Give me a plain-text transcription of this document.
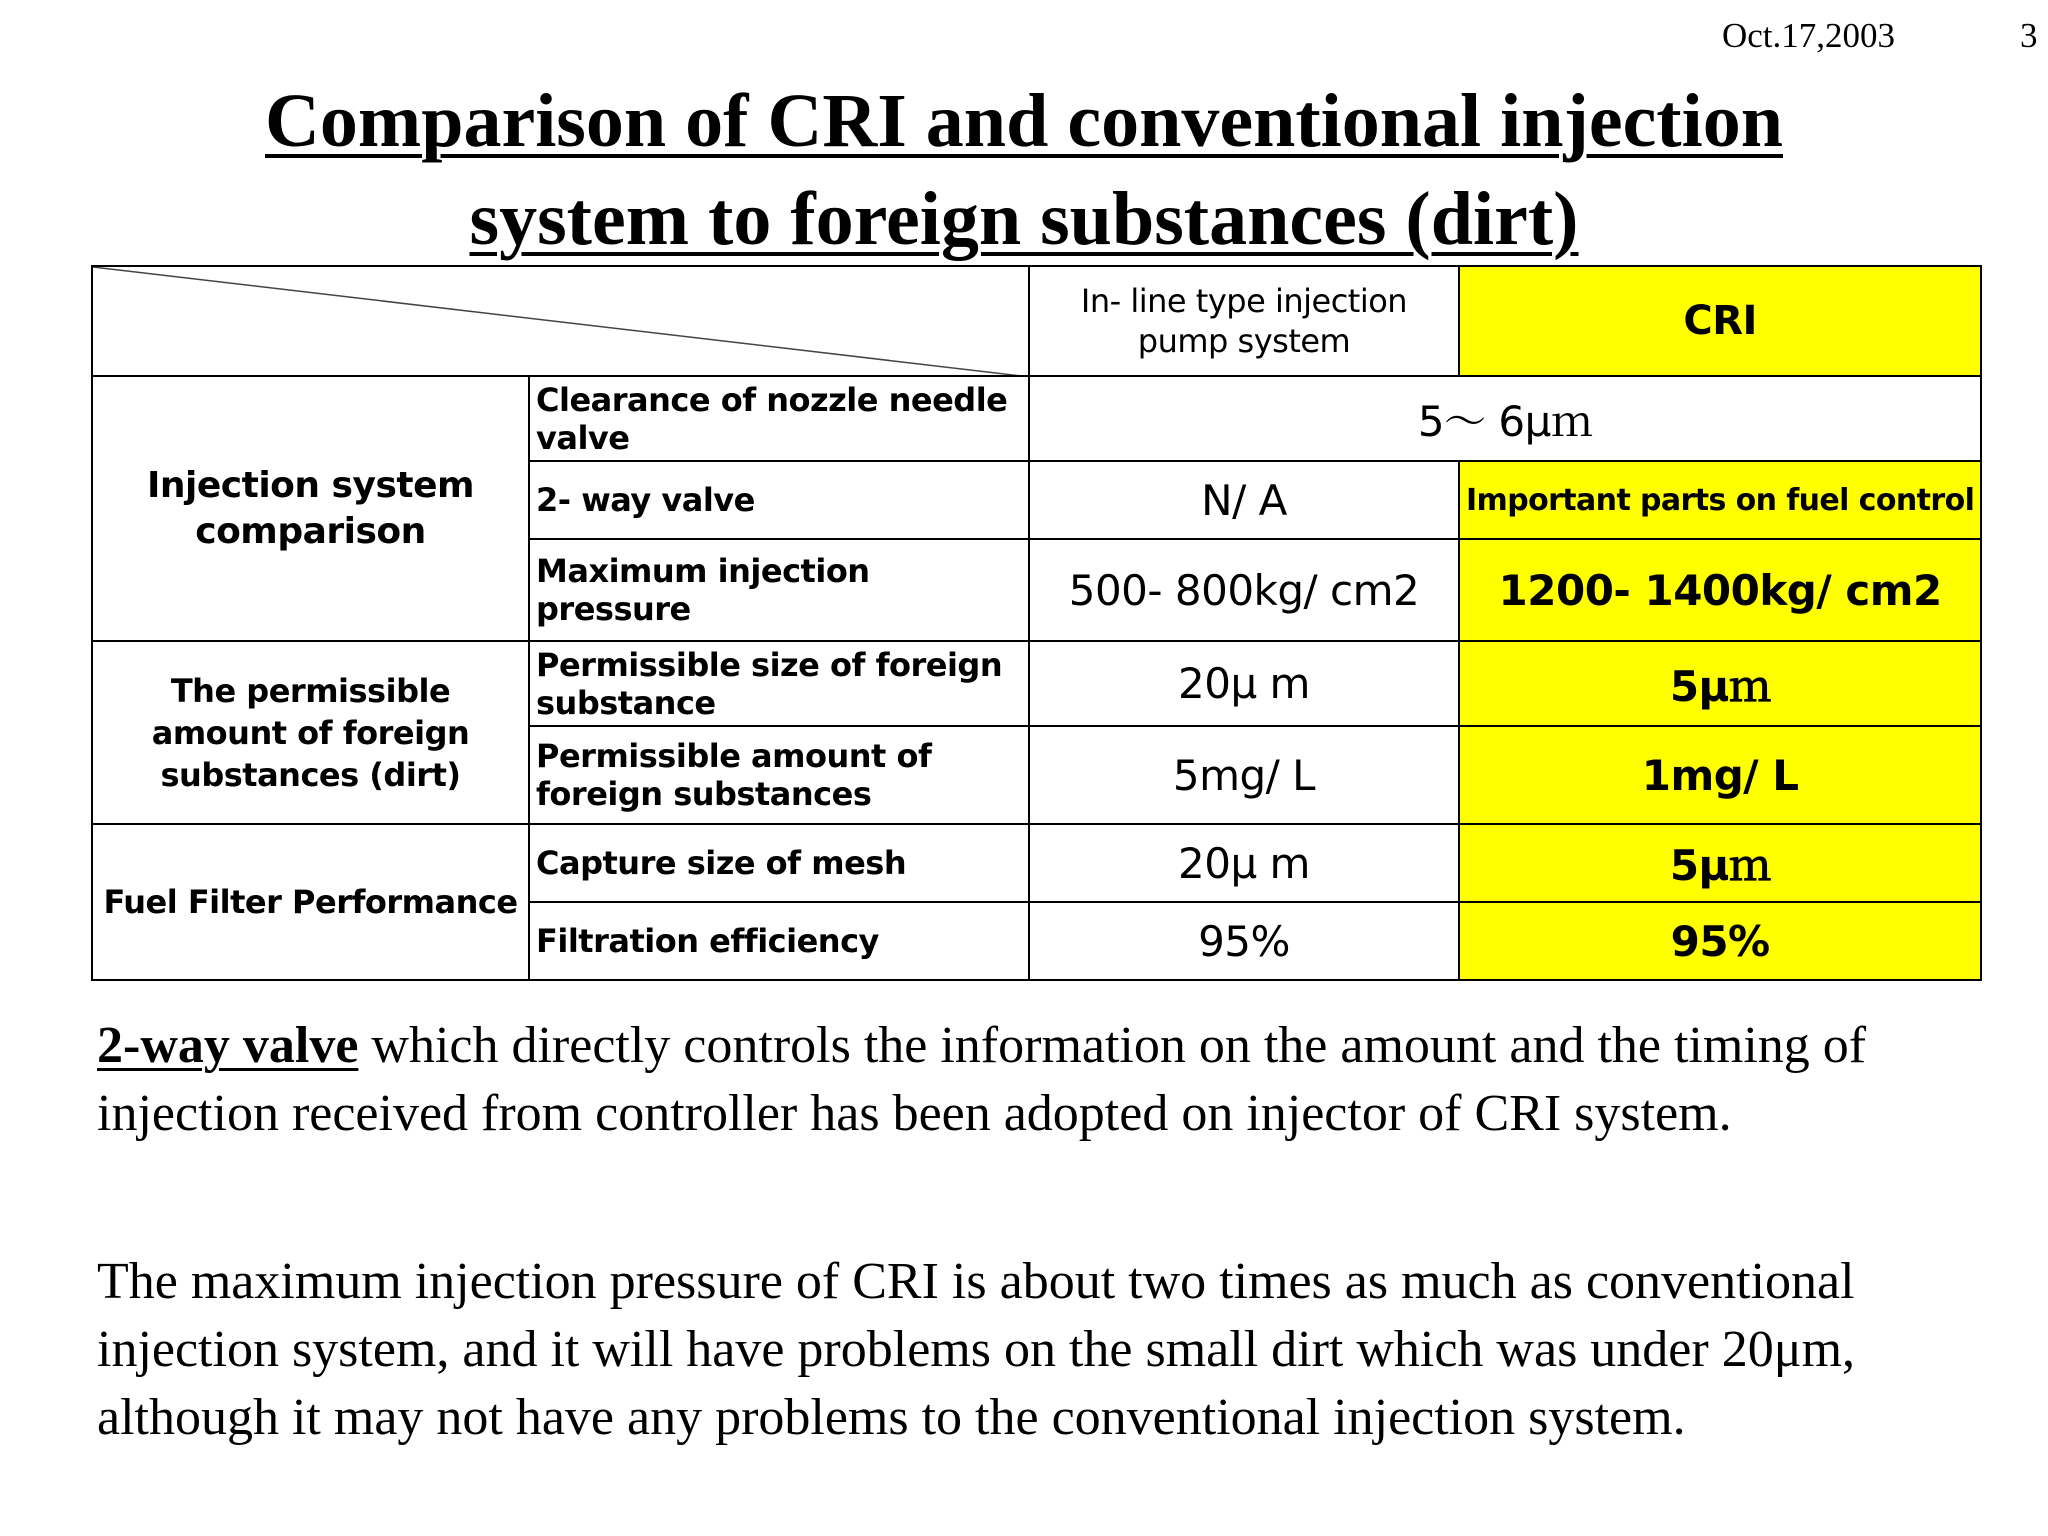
Oct.17,2003	3
Comparison of CRI and conventional injection
system to foreign substances (dirt)
	In- line type injection pump system	CRI
Injection system comparison	Clearance of nozzle needle valve	5～ 6μｍ	
	2- way valve	N/ A	Important parts on fuel control
	Maximum injection pressure	500- 800kg/ cm2	1200- 1400kg/ cm2
The permissible amount of foreign substances (dirt)	Permissible size of foreign substance	20μ m	5μｍ
	Permissible amount of foreign substances	5mg/ L	1mg/ L
Fuel Filter Performance	Capture size of mesh	20μ m	5μｍ
	Filtration efficiency	95%	95%
2-way valve which directly controls the information on the amount and the timing of injection received from controller has been adopted on injector of CRI system.
The maximum injection pressure of CRI is about two times as much as conventional injection system, and it will have problems on the small dirt which was under 20μm, although it may not have any problems to the conventional injection system.
